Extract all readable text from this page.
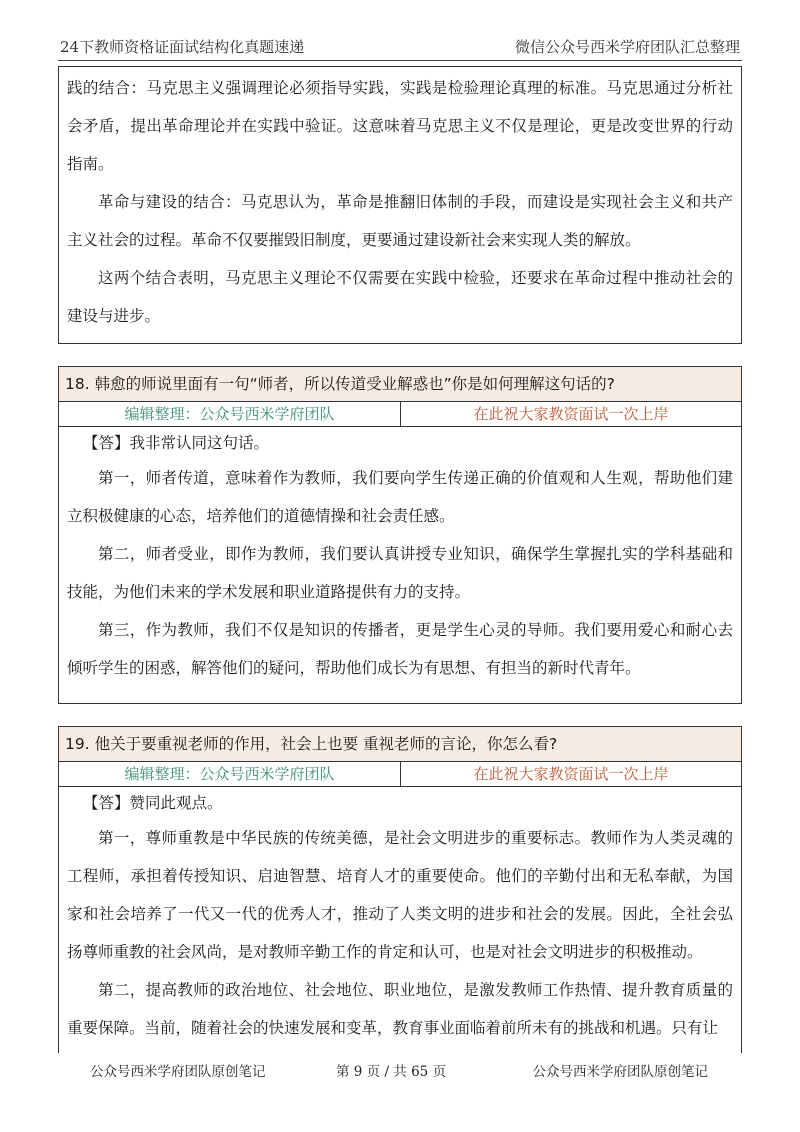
24下教师资格证面试结构化真题速递	微信公众号西米学府团队汇总整理

践的结合：马克思主义强调理论必须指导实践，实践是检验理论真理的标准。马克思通过分析社会矛盾，提出革命理论并在实践中验证。这意味着马克思主义不仅是理论，更是改变世界的行动指南。

革命与建设的结合：马克思认为，革命是推翻旧体制的手段，而建设是实现社会主义和共产主义社会的过程。革命不仅要摧毁旧制度，更要通过建设新社会来实现人类的解放。

这两个结合表明，马克思主义理论不仅需要在实践中检验，还要求在革命过程中推动社会的建设与进步。

18. 韩愈的师说里面有一句“师者，所以传道受业解惑也”你是如何理解这句话的?
编辑整理：公众号西米学府团队	在此祝大家教资面试一次上岸
【答】我非常认同这句话。

第一，师者传道，意味着作为教师，我们要向学生传递正确的价值观和人生观，帮助他们建立积极健康的心态，培养他们的道德情操和社会责任感。

第二，师者受业，即作为教师，我们要认真讲授专业知识，确保学生掌握扎实的学科基础和技能，为他们未来的学术发展和职业道路提供有力的支持。

第三，作为教师，我们不仅是知识的传播者，更是学生心灵的导师。我们要用爱心和耐心去倾听学生的困惑，解答他们的疑问，帮助他们成长为有思想、有担当的新时代青年。

19. 他关于要重视老师的作用，社会上也要 重视老师的言论，你怎么看?
编辑整理：公众号西米学府团队	在此祝大家教资面试一次上岸
【答】赞同此观点。

第一，尊师重教是中华民族的传统美德，是社会文明进步的重要标志。教师作为人类灵魂的工程师，承担着传授知识、启迪智慧、培育人才的重要使命。他们的辛勤付出和无私奉献，为国家和社会培养了一代又一代的优秀人才，推动了人类文明的进步和社会的发展。因此，全社会弘扬尊师重教的社会风尚，是对教师辛勤工作的肯定和认可，也是对社会文明进步的积极推动。

第二，提高教师的政治地位、社会地位、职业地位，是激发教师工作热情、提升教育质量的重要保障。当前，随着社会的快速发展和变革，教育事业面临着前所未有的挑战和机遇。只有让

公众号西米学府团队原创笔记	第 9 页 / 共 65 页	公众号西米学府团队原创笔记
